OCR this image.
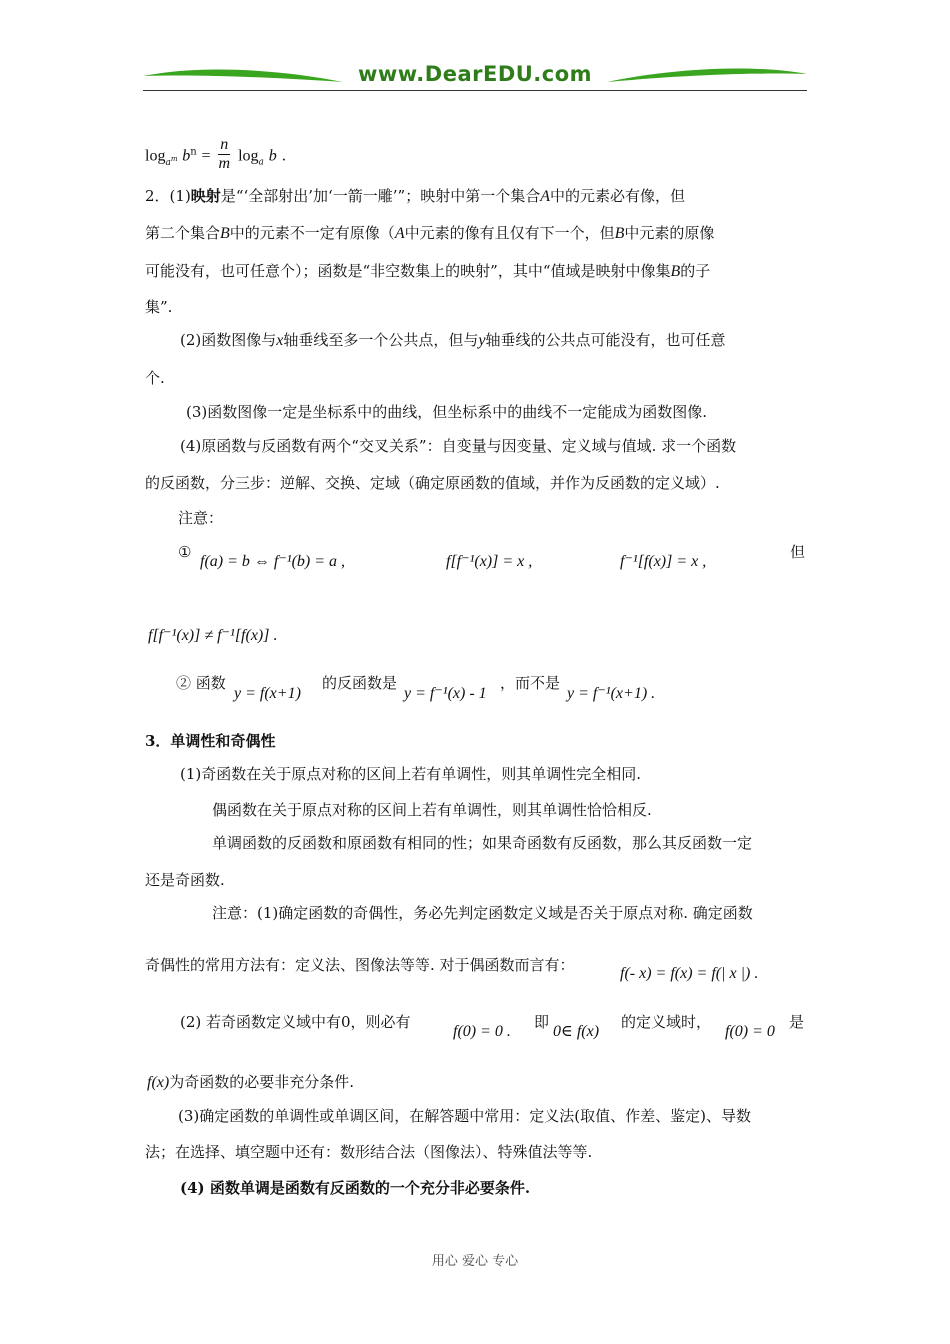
www.DearEDU.com
$\log_{a^m} b^n = \frac{n}{m} \log_a b$ .
2．(1)映射是“‘全部射出’加‘一箭一雕’”；映射中第一个集合A中的元素必有像，但
第二个集合B中的元素不一定有原像（A中元素的像有且仅有下一个，但B中元素的原像
可能没有，也可任意个）；函数是“非空数集上的映射”，其中“值域是映射中像集B的子
集”.
(2)函数图像与x轴垂线至多一个公共点，但与y轴垂线的公共点可能没有，也可任意
个.
(3)函数图像一定是坐标系中的曲线，但坐标系中的曲线不一定能成为函数图像.
(4)原函数与反函数有两个“交叉关系”：自变量与因变量、定义域与值域. 求一个函数
的反函数，分三步：逆解、交换、定域（确定原函数的值域，并作为反函数的定义域）.
注意：
①
f(a) = b ⇔ f⁻¹(b) = a ,	f[f⁻¹(x)] = x ,	f⁻¹[f(x)] = x ,
但
f[f⁻¹(x)] ≠ f⁻¹[f(x)] .
② 函数
y = f(x+1)
的反函数是
y = f⁻¹(x) - 1
，而不是
y = f⁻¹(x+1) .
3．单调性和奇偶性
(1)奇函数在关于原点对称的区间上若有单调性，则其单调性完全相同.
偶函数在关于原点对称的区间上若有单调性，则其单调性恰恰相反.
单调函数的反函数和原函数有相同的性；如果奇函数有反函数，那么其反函数一定
还是奇函数.
注意：(1)确定函数的奇偶性，务必先判定函数定义域是否关于原点对称. 确定函数
奇偶性的常用方法有：定义法、图像法等等. 对于偶函数而言有：	f(- x) = f(x) = f(| x |) .
(2) 若奇函数定义域中有0，则必有
f(0) = 0 .
即
0∈ f(x)
的定义域时，
f(0) = 0
是
f(x)为奇函数的必要非充分条件.
(3)确定函数的单调性或单调区间，在解答题中常用：定义法(取值、作差、鉴定)、导数
法；在选择、填空题中还有：数形结合法（图像法）、特殊值法等等.
(4) 函数单调是函数有反函数的一个充分非必要条件.
用心 爱心 专心
